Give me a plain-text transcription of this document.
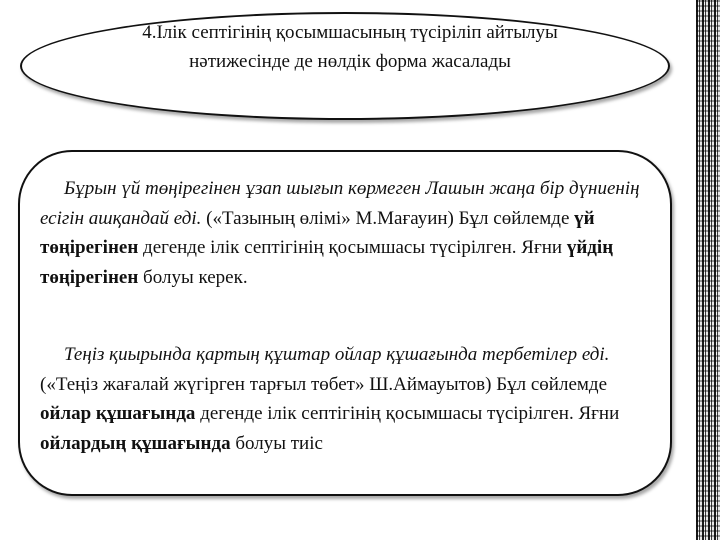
4.Ілік септігінің қосымшасының түсіріліп айтылуы нәтижесінде де нөлдік форма жасалады
Бұрын үй төңірегінен ұзап шығып көрмеген Лашын жаңа бір дүниенің есігін ашқандай еді. («Тазының өлімі» М.Мағауин) Бұл сөйлемде үй төңірегінен дегенде ілік септігінің қосымшасы түсірілген. Яғни үйдің төңірегінен болуы керек.
Теңіз қиырында қартың құштар ойлар құшағында тербетілер еді. («Теңіз жағалай жүгірген тарғыл төбет» Ш.Аймауытов) Бұл сөйлемде ойлар құшағында дегенде ілік септігінің қосымшасы түсірілген. Яғни ойлардың құшағында болуы тиіс
